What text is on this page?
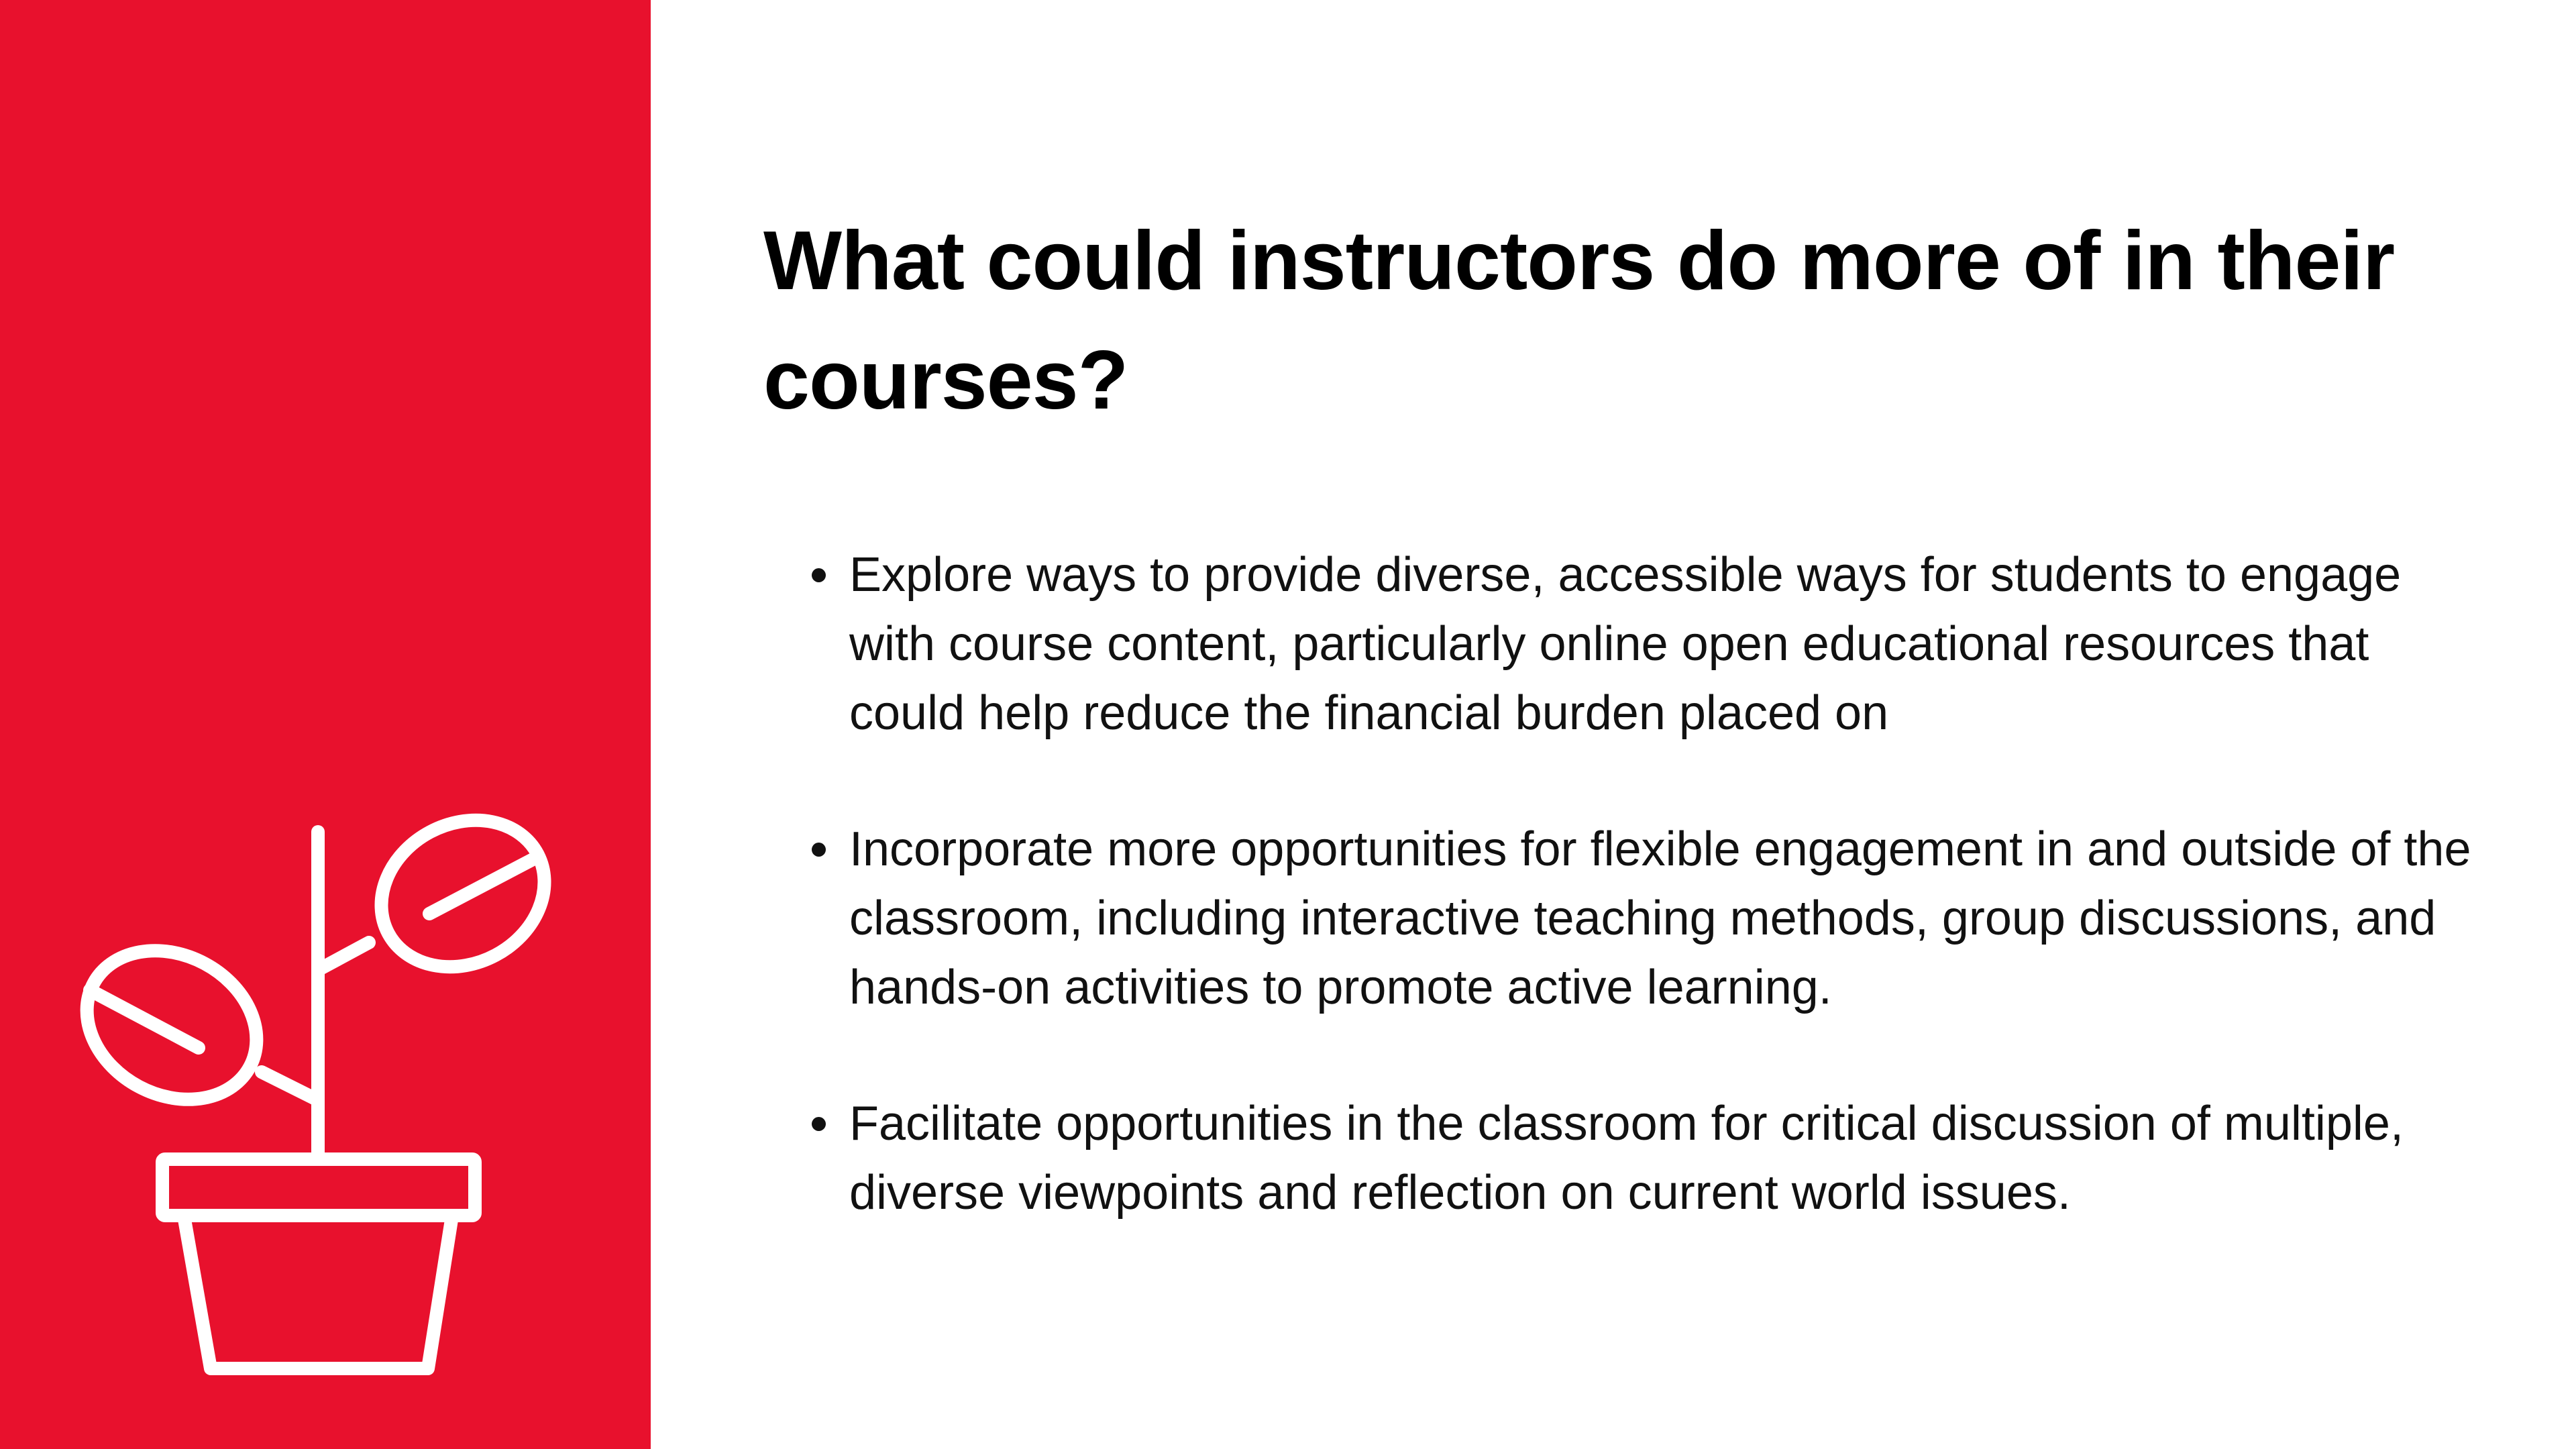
What could instructors do more of in their courses?
Explore ways to provide diverse, accessible ways for students to engage with course content, particularly online open educational resources that could help reduce the financial burden placed on
Incorporate more opportunities for flexible engagement in and outside of the classroom, including interactive teaching methods, group discussions, and hands-on activities to promote active learning.
Facilitate opportunities in the classroom for critical discussion of multiple, diverse viewpoints and reflection on current world issues.
